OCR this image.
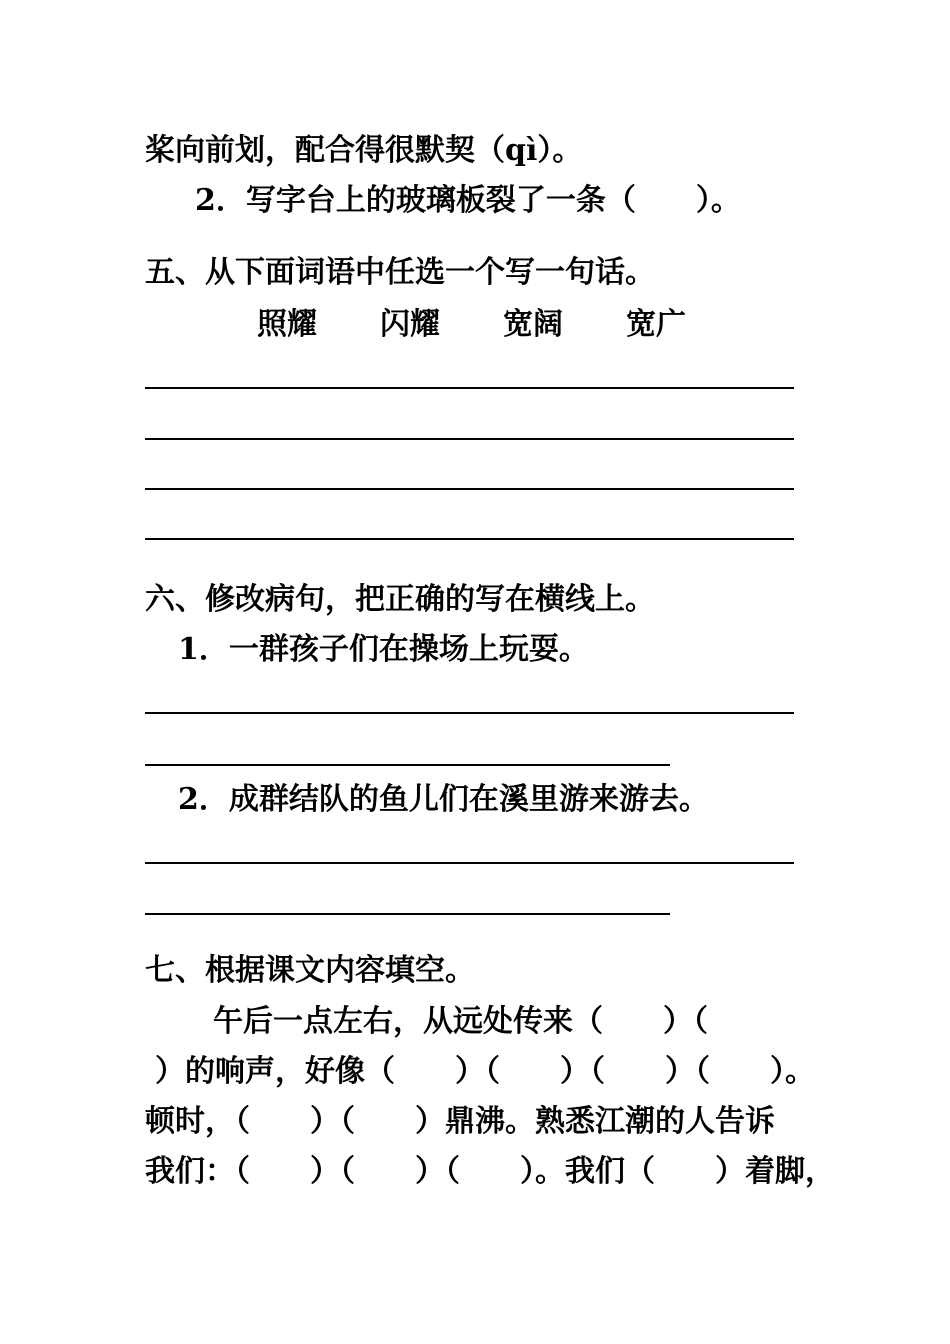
桨向前划，配合得很默契（qì）。
2．写字台上的玻璃板裂了一条（　　）。
五、从下面词语中任选一个写一句话。
照耀 闪耀 宽阔 宽广
六、修改病句，把正确的写在横线上。
1．一群孩子们在操场上玩耍。
2．成群结队的鱼儿们在溪里游来游去。
七、根据课文内容填空。
午后一点左右，从远处传来（　　）（
）的响声，好像（　　）（　　）（　　）（　　）。
顿时，（　　）（　　）鼎沸。熟悉江潮的人告诉
我们：（　　）（　　）（　　）。我们（　　）着脚，
